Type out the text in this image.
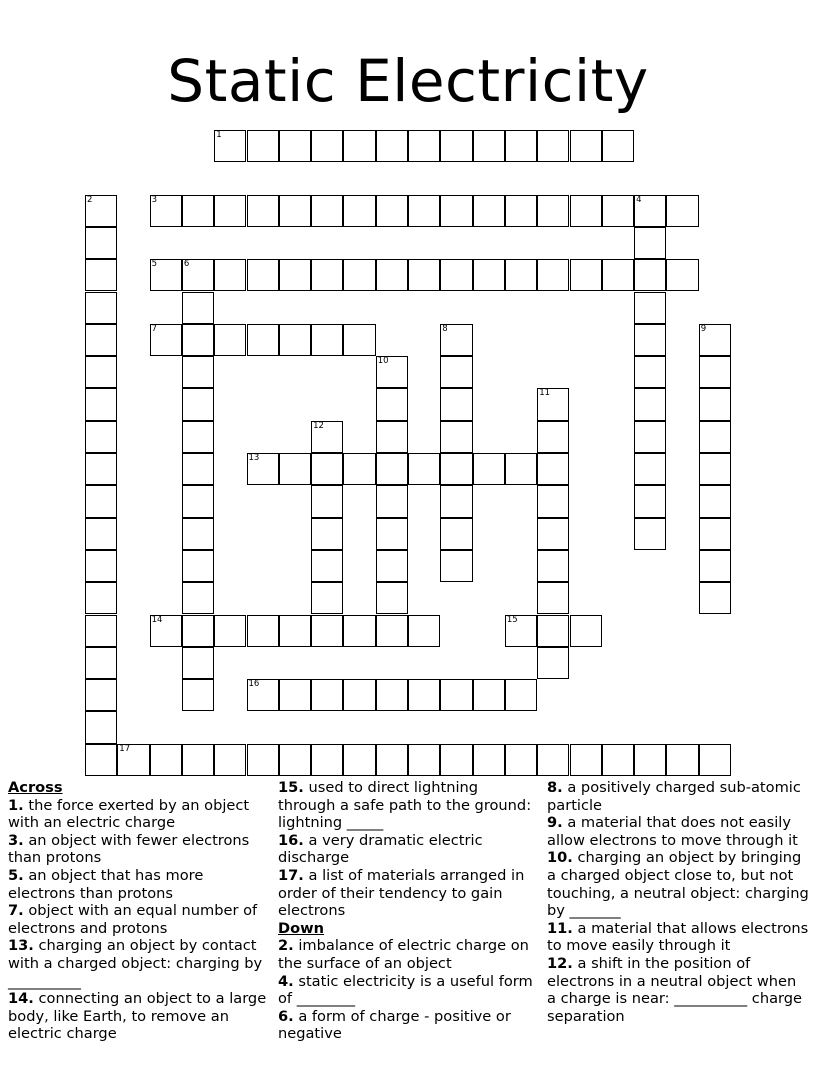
Static Electricity
1
3	4
5	6
7
13
14	15
16
17
2
8	9
10
11
12

Across

1. the force exerted by an object with an electric charge

3. an object with fewer electrons than protons

5. an object that has more electrons than protons

7. object with an equal number of electrons and protons

13. charging an object by contact with a charged object: charging by __________

14. connecting an object to a large body, like Earth, to remove an electric charge

15. used to direct lightning through a safe path to the ground: lightning _____

16. a very dramatic electric discharge

17. a list of materials arranged in order of their tendency to gain electrons

Down

2. imbalance of electric charge on the surface of an object

4. static electricity is a useful form of ________

6. a form of charge - positive or negative

8. a positively charged sub-atomic particle

9. a material that does not easily allow electrons to move through it

10. charging an object by bringing a charged object close to, but not touching, a neutral object: charging by _______

11. a material that allows electrons to move easily through it

12. a shift in the position of electrons in a neutral object when a charge is near: __________ charge separation
